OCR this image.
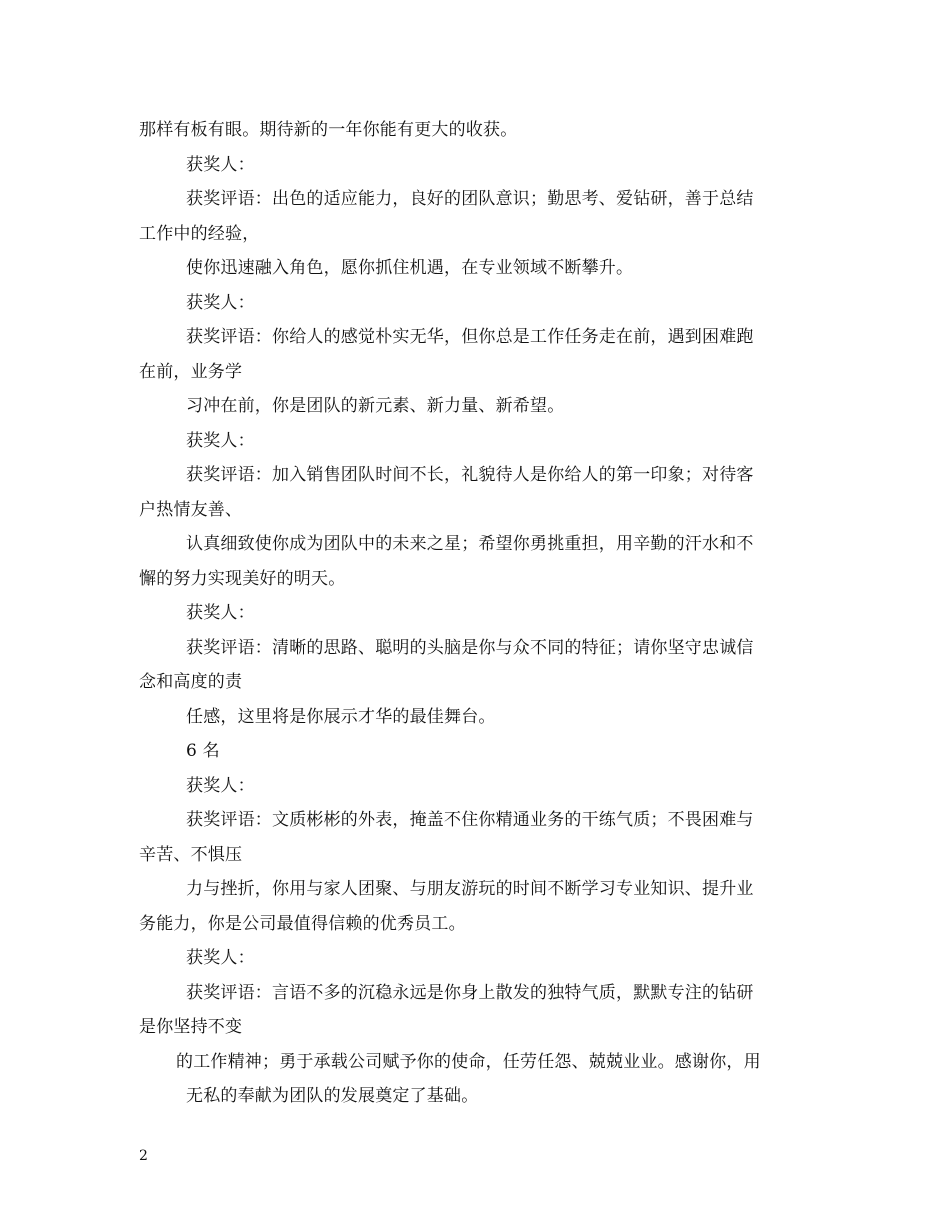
那样有板有眼。期待新的一年你能有更大的收获。
获奖人：
获奖评语：出色的适应能力，良好的团队意识；勤思考、爱钻研，善于总结
工作中的经验，
使你迅速融入角色，愿你抓住机遇，在专业领域不断攀升。
获奖人：
获奖评语：你给人的感觉朴实无华，但你总是工作任务走在前，遇到困难跑
在前，业务学
习冲在前，你是团队的新元素、新力量、新希望。
获奖人：
获奖评语：加入销售团队时间不长，礼貌待人是你给人的第一印象；对待客
户热情友善、
认真细致使你成为团队中的未来之星；希望你勇挑重担，用辛勤的汗水和不
懈的努力实现美好的明天。
获奖人：
获奖评语：清晰的思路、聪明的头脑是你与众不同的特征；请你坚守忠诚信
念和高度的责
任感，这里将是你展示才华的最佳舞台。
6 名
获奖人：
获奖评语：文质彬彬的外表，掩盖不住你精通业务的干练气质；不畏困难与
辛苦、不惧压
力与挫折，你用与家人团聚、与朋友游玩的时间不断学习专业知识、提升业
务能力，你是公司最值得信赖的优秀员工。
获奖人：
获奖评语：言语不多的沉稳永远是你身上散发的独特气质，默默专注的钻研
是你坚持不变
的工作精神；勇于承载公司赋予你的使命，任劳任怨、兢兢业业。感谢你，用
无私的奉献为团队的发展奠定了基础。
2
